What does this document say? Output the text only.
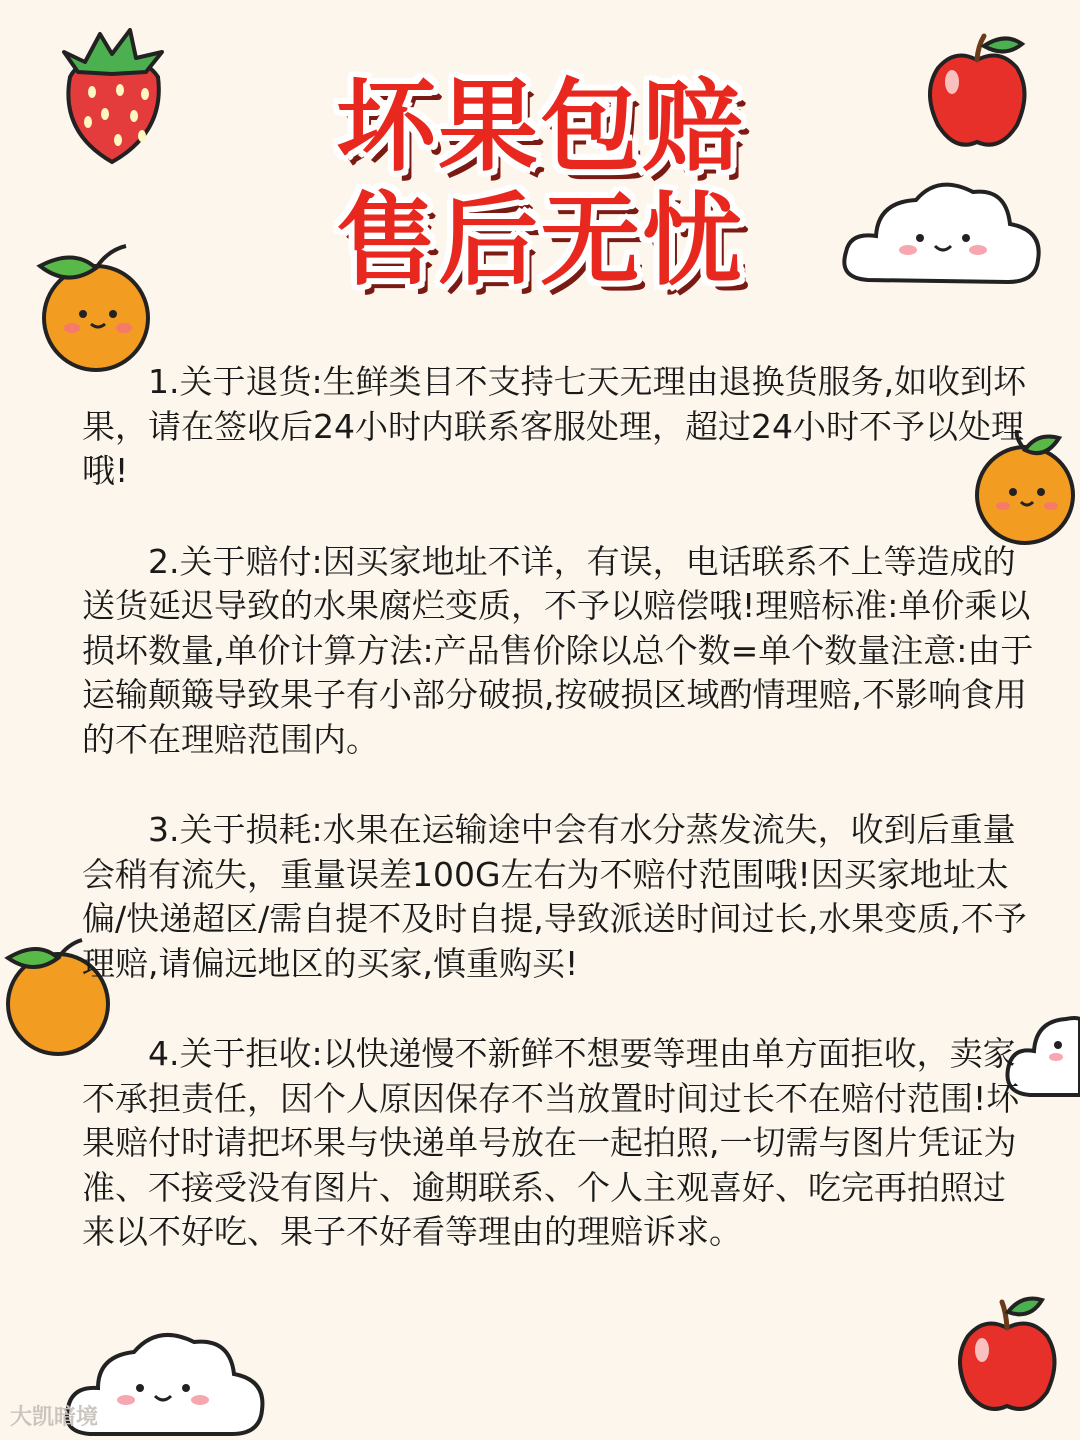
坏果包赔
售后无忧

1.关于退货:生鲜类目不支持七天无理由退换货服务,如收到坏果，请在签收后24小时内联系客服处理，超过24小时不予以处理哦!

2.关于赔付:因买家地址不详，有误，电话联系不上等造成的送货延迟导致的水果腐烂变质，不予以赔偿哦!理赔标准:单价乘以损坏数量,单价计算方法:产品售价除以总个数=单个数量注意:由于运输颠簸导致果子有小部分破损,按破损区域酌情理赔,不影响食用的不在理赔范围内。

3.关于损耗:水果在运输途中会有水分蒸发流失，收到后重量会稍有流失，重量误差100G左右为不赔付范围哦!因买家地址太偏/快递超区/需自提不及时自提,导致派送时间过长,水果变质,不予理赔,请偏远地区的买家,慎重购买!

4.关于拒收:以快递慢不新鲜不想要等理由单方面拒收，卖家不承担责任，因个人原因保存不当放置时间过长不在赔付范围!坏果赔付时请把坏果与快递单号放在一起拍照,一切需与图片凭证为准、不接受没有图片、逾期联系、个人主观喜好、吃完再拍照过来以不好吃、果子不好看等理由的理赔诉求。

大凯暗境
